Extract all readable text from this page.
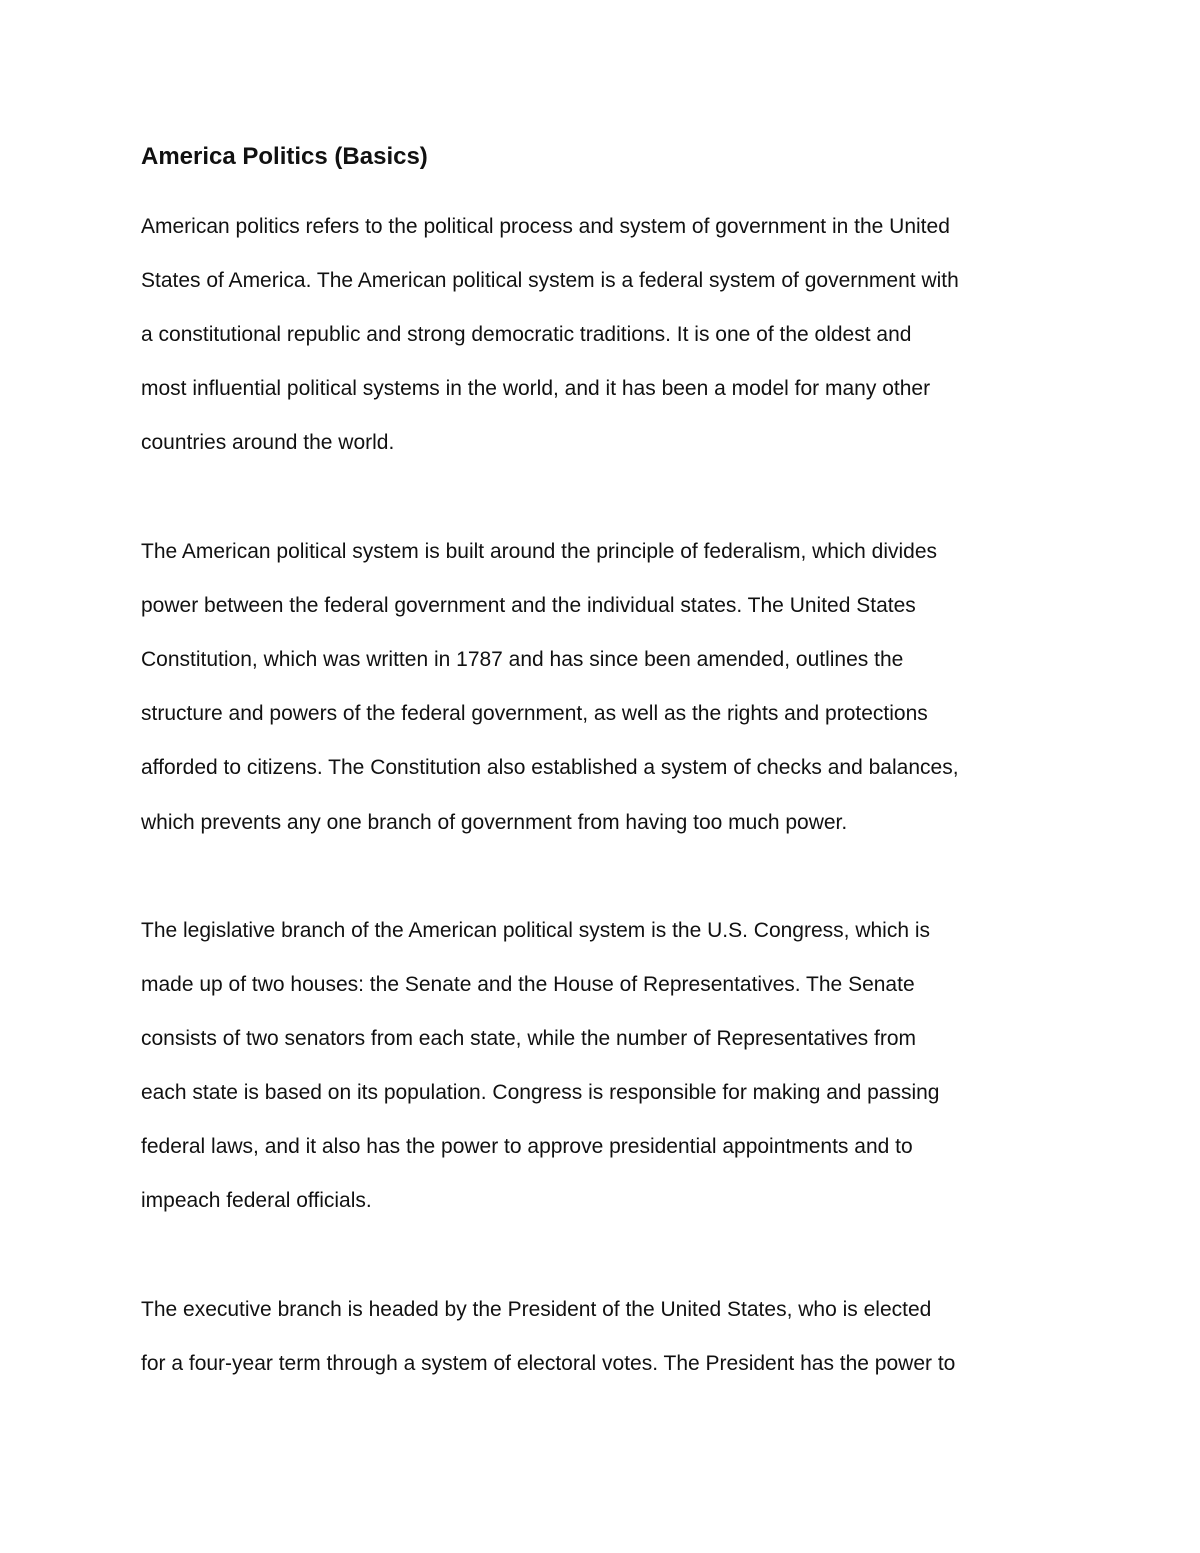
America Politics (Basics)

American politics refers to the political process and system of government in the United

States of America. The American political system is a federal system of government with

a constitutional republic and strong democratic traditions. It is one of the oldest and

most influential political systems in the world, and it has been a model for many other

countries around the world.

The American political system is built around the principle of federalism, which divides

power between the federal government and the individual states. The United States

Constitution, which was written in 1787 and has since been amended, outlines the

structure and powers of the federal government, as well as the rights and protections

afforded to citizens. The Constitution also established a system of checks and balances,

which prevents any one branch of government from having too much power.

The legislative branch of the American political system is the U.S. Congress, which is

made up of two houses: the Senate and the House of Representatives. The Senate

consists of two senators from each state, while the number of Representatives from

each state is based on its population. Congress is responsible for making and passing

federal laws, and it also has the power to approve presidential appointments and to

impeach federal officials.

The executive branch is headed by the President of the United States, who is elected

for a four-year term through a system of electoral votes. The President has the power to
